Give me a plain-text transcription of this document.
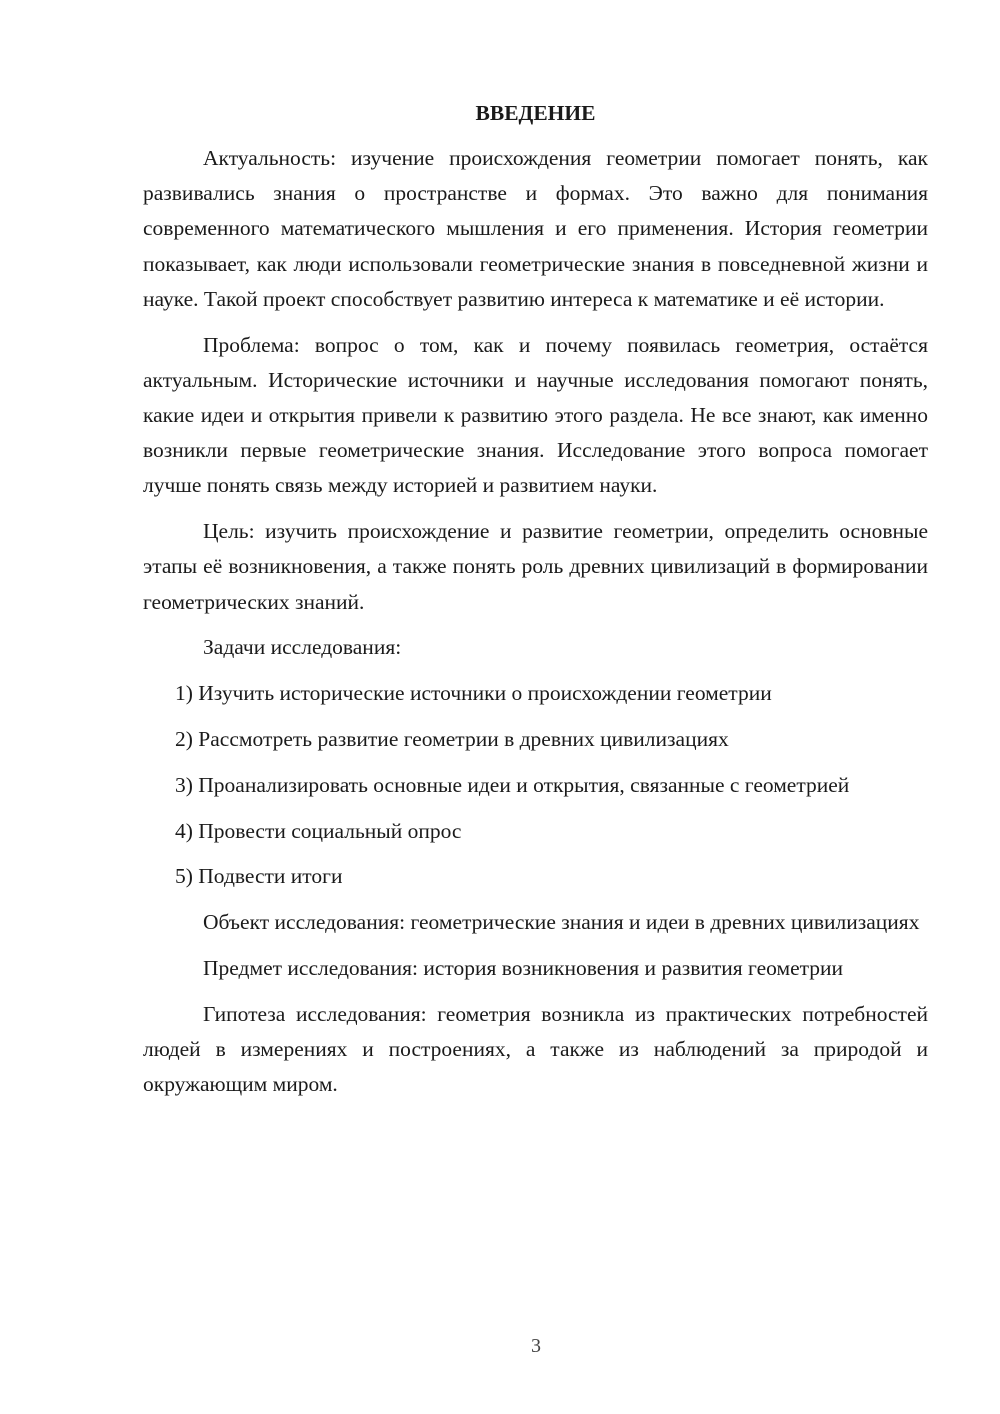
ВВЕДЕНИЕ

Актуальность: изучение происхождения геометрии помогает понять, как развивались знания о пространстве и формах. Это важно для понимания современного математического мышления и его применения. История геометрии показывает, как люди использовали геометрические знания в повседневной жизни и науке. Такой проект способствует развитию интереса к математике и её истории.

Проблема: вопрос о том, как и почему появилась геометрия, остаётся актуальным. Исторические источники и научные исследования помогают понять, какие идеи и открытия привели к развитию этого раздела. Не все знают, как именно возникли первые геометрические знания. Исследование этого вопроса помогает лучше понять связь между историей и развитием науки.

Цель: изучить происхождение и развитие геометрии, определить основные этапы её возникновения, а также понять роль древних цивилизаций в формировании геометрических знаний.

Задачи исследования:

1) Изучить исторические источники о происхождении геометрии

2) Рассмотреть развитие геометрии в древних цивилизациях

3) Проанализировать основные идеи и открытия, связанные с геометрией

4) Провести социальный опрос

5) Подвести итоги

Объект исследования: геометрические знания и идеи в древних цивилизациях

Предмет исследования: история возникновения и развития геометрии

Гипотеза исследования: геометрия возникла из практических потребностей людей в измерениях и построениях, а также из наблюдений за природой и окружающим миром.

3
